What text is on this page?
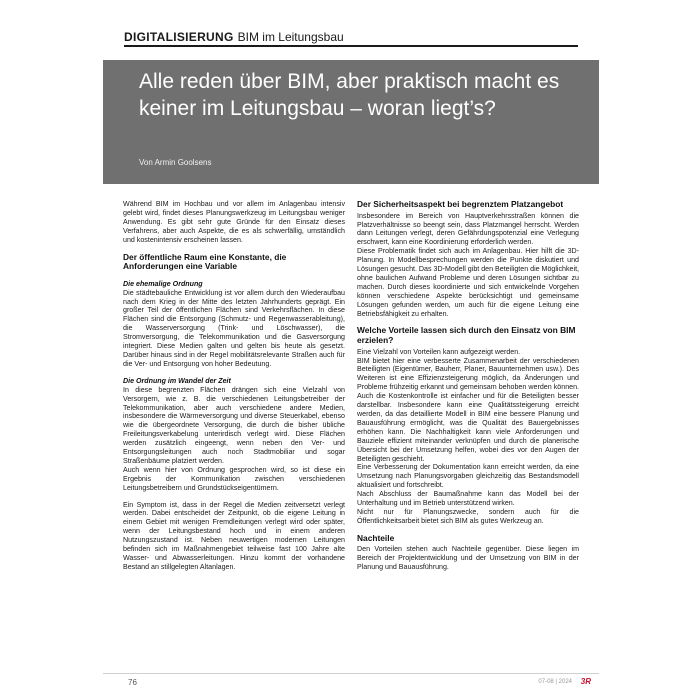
DIGITALISIERUNG BIM im Leitungsbau
Alle reden über BIM, aber praktisch macht es keiner im Leitungsbau – woran liegt’s?
Von Armin Goolsens

Während BIM im Hochbau und vor allem im Anlagenbau intensiv gelebt wird, findet dieses Planungswerkzeug im Leitungsbau weniger Anwendung. Es gibt sehr gute Gründe für den Einsatz dieses Verfahrens, aber auch Aspekte, die es als schwerfällig, umständlich und kostenintensiv erscheinen lassen.

Der öffentliche Raum eine Konstante, die Anforderungen eine Variable
Die ehemalige Ordnung

Die städtebauliche Entwicklung ist vor allem durch den Wiederaufbau nach dem Krieg in der Mitte des letzten Jahrhunderts geprägt. Ein großer Teil der öffentlichen Flächen sind Verkehrsflächen. In diese Flächen sind die Entsorgung (Schmutz- und Regenwasserableitung), die Wasserversorgung (Trink- und Löschwasser), die Stromversorgung, die Telekommunikation und die Gasversorgung integriert. Diese Medien galten und gelten bis heute als gesetzt. Darüber hinaus sind in der Regel mobilitätsrelevante Straßen auch für die Ver- und Entsorgung von hoher Bedeutung.

Die Ordnung im Wandel der Zeit

In diese begrenzten Flächen drängen sich eine Vielzahl von Versorgern, wie z. B. die verschiedenen Leitungsbetreiber der Telekommunikation, aber auch verschiedene andere Medien, insbesondere die Wärmeversorgung und diverse Steuerkabel, ebenso wie die übergeordnete Versorgung, die durch die bisher übliche Freileitungsverkabelung unterirdisch verlegt wird. Diese Flächen werden zusätzlich eingeengt, wenn neben den Ver- und Entsorgungsleitungen auch noch Stadtmobiliar und sogar Straßenbäume platziert werden.

Auch wenn hier von Ordnung gesprochen wird, so ist diese ein Ergebnis der Kommunikation zwischen verschiedenen Leitungsbetreibern und Grundstückseigentümern.

Ein Symptom ist, dass in der Regel die Medien zeitversetzt verlegt werden. Dabei entscheidet der Zeitpunkt, ob die eigene Leitung in einem Gebiet mit wenigen Fremdleitungen verlegt wird oder später, wenn der Leitungsbestand hoch und in einem anderen Nutzungszustand ist. Neben neuwertigen modernen Leitungen befinden sich im Maßnahmengebiet teilweise fast 100 Jahre alte Wasser- und Abwasserleitungen. Hinzu kommt der vorhandene Bestand an stillgelegten Altanlagen.

Der Sicherheitsaspekt bei begrenztem Platzangebot

Insbesondere im Bereich von Hauptverkehrsstraßen können die Platzverhältnisse so beengt sein, dass Platzmangel herrscht. Werden dann Leitungen verlegt, deren Gefährdungspotenzial eine Verlegung erschwert, kann eine Koordinierung erforderlich werden.

Diese Problematik findet sich auch im Anlagenbau. Hier hilft die 3D-Planung. In Modellbesprechungen werden die Punkte diskutiert und Lösungen gesucht. Das 3D-Modell gibt den Beteiligten die Möglichkeit, ohne baulichen Aufwand Probleme und deren Lösungen sichtbar zu machen. Durch dieses koordinierte und sich entwickelnde Vorgehen können verschiedene Aspekte berücksichtigt und gemeinsame Lösungen gefunden werden, um auch für die eigene Leitung eine Betriebsfähigkeit zu erhalten.

Welche Vorteile lassen sich durch den Einsatz von BIM erzielen?

Eine Vielzahl von Vorteilen kann aufgezeigt werden.

BIM bietet hier eine verbesserte Zusammenarbeit der verschiedenen Beteiligten (Eigentümer, Bauherr, Planer, Bauunternehmen usw.). Des Weiteren ist eine Effizienzsteigerung möglich, da Änderungen und Probleme frühzeitig erkannt und gemeinsam behoben werden können. Auch die Kostenkontrolle ist einfacher und für die Beteiligten besser darstellbar. Insbesondere kann eine Qualitätssteigerung erreicht werden, da das detaillierte Modell in BIM eine bessere Planung und Bauausführung ermöglicht, was die Qualität des Bauergebnisses erhöhen kann. Die Nachhaltigkeit kann viele Anforderungen und Bauziele effizient miteinander verknüpfen und durch die planerische Übersicht bei der Umsetzung helfen, wobei dies vor den Augen der Beteiligten geschieht.

Eine Verbesserung der Dokumentation kann erreicht werden, da eine Umsetzung nach Planungsvorgaben gleichzeitig das Bestandsmodell aktualisiert und fortschreibt.

Nach Abschluss der Baumaßnahme kann das Modell bei der Unterhaltung und im Betrieb unterstützend wirken.

Nicht nur für Planungszwecke, sondern auch für die Öffentlichkeitsarbeit bietet sich BIM als gutes Werkzeug an.

Nachteile

Den Vorteilen stehen auch Nachteile gegenüber. Diese liegen im Bereich der Projektentwicklung und der Umsetzung von BIM in der Planung und Bauausführung.

76	07-08 | 2024 3R
